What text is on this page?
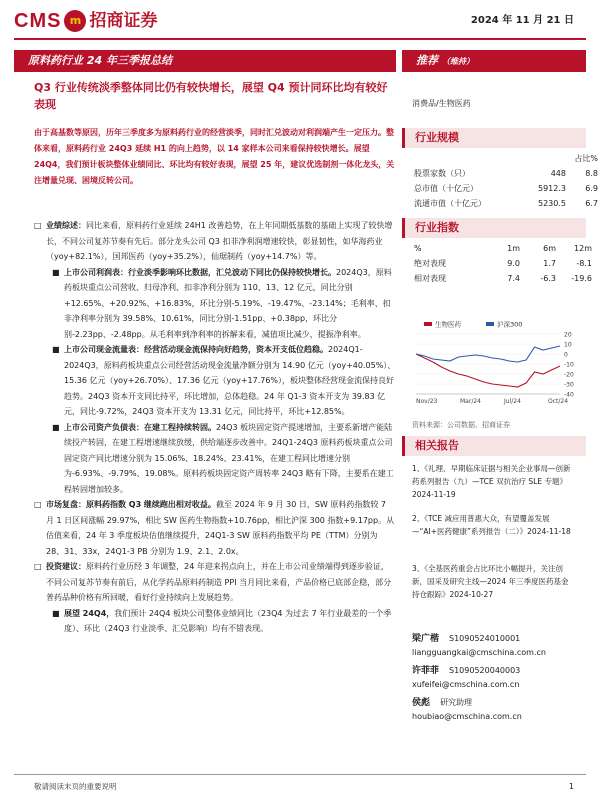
CMS m 招商证券	2024 年 11 月 21 日
原料药行业 24 年三季报总结	推荐 （维持）
Q3 行业传统淡季整体同比仍有较快增长，展望 Q4 预计同环比均有较好表现
由于高基数等原因，历年三季度多为原料药行业的经营淡季，同时汇兑波动对利润端产生一定压力。整体来看，原料药行业 24Q3 延续 H1 的向上趋势，以 14 家样本公司来看保持较快增长。展望 24Q4，我们预计板块整体业绩同比、环比均有较好表现，展望 25 年，建议优选制剂一体化龙头，关注增量兑现、困境反转公司。
□ 业绩综述：同比来看，原料药行业延续 24H1 改善趋势，在上年同期低基数的基础上实现了较快增长，不同公司复苏节奏有先后。部分龙头公司 Q3 扣非净利润增速较快，彰显韧性，如华海药业（yoy+82.1%），国邦医药（yoy+35.2%），仙琚制药（yoy+14.7%）等。
■ 上市公司利润表：行业淡季影响环比数据，汇兑波动下同比仍保持较快增长。2024Q3，原料药板块重点公司营收、归母净利、扣非净利分别为 110、13、12 亿元，同比分别+12.65%、+20.92%、+16.83%，环比分别-5.19%、-19.47%、-23.14%；毛利率、扣非净利率分别为 39.58%、10.61%，同比分别-1.51pp、+0.38pp，环比分别-2.23pp、-2.48pp。从毛利率到净利率的拆解来看，减值项比减少，提振净利率。
■ 上市公司现金流量表：经营活动现金流保持向好趋势，资本开支低位趋稳。2024Q1-2024Q3，原料药板块重点公司经营活动现金流量净额分别为 14.90 亿元（yoy+40.05%）、15.36 亿元（yoy+26.70%）、17.36 亿元（yoy+17.76%），板块整体经营现金流保持良好趋势。24Q3 资本开支同比持平，环比增加，总体趋稳。24 年 Q1-3 资本开支为 39.83 亿元，同比-9.72%，24Q3 资本开支为 13.31 亿元，同比持平，环比+12.85%。
■ 上市公司资产负债表：在建工程持续转固。24Q3 板块固定资产提速增加，主要系新增产能陆续投产转固，在建工程增速继续放缓，供给端逐步改善中。24Q1-24Q3 原料药板块重点公司固定资产同比增速分别为 15.06%、18.24%、23.41%，在建工程同比增速分别为-6.93%、-9.79%、19.08%。原料药板块固定资产周转率 24Q3 略有下降，主要系在建工程转固增加较多。
□ 市场复盘：原料药指数 Q3 继续跑出相对收益。截至 2024 年 9 月 30 日，SW 原料药指数较 7 月 1 日区间涨幅 29.97%，相比 SW 医药生物指数+10.76pp，相比沪深 300 指数+9.17pp。从估值来看，24 年 3 季度板块估值继续提升，24Q1-3 SW 原料药指数平均 PE（TTM）分别为 28、31、33x，24Q1-3 PB 分别为 1.9、2.1、2.0x。
□ 投资建议：原料药行业历经 3 年调整，24 年迎来拐点向上，并在上市公司业绩端得到逐步验证，不同公司复苏节奏有前后，从化学药品原料药制造 PPI 当月同比来看，产品价格已底部企稳，部分普药品种价格有所回暖，看好行业持续向上发展趋势。
■ 展望 24Q4，我们预计 24Q4 板块公司整体业绩同比（23Q4 为过去 7 年行业最差的一个季度）、环比（24Q3 行业淡季、汇兑影响）均有不错表现。
消费品/生物医药
行业规模
		占比%
股票家数（只）	448	8.8
总市值（十亿元）	5912.3	6.9
流通市值（十亿元）	5230.5	6.7
行业指数
%	1m	6m	12m
绝对表现	9.0	1.7	-8.1
相对表现	7.4	-6.3	-19.6
20
10
0
-10
-20
-30
-40
Nov/23	Mar/24	Jul/24	Oct/24
生物医药	沪深300
资料来源：公司数据、招商证券
相关报告
1、《礼理、早期临床证据与相关企业事局—创新药系列报告（九）—TCE 双抗治疗 SLE 专题》2024-11-19
2、《TCE 减应用普惠大众，有望覆盖发展—“AI+医药健康”系列报告（二）》2024-11-18
3、《全基医药重会占比环比小幅提升，关注创新，国采及研究主线—2024 年三季度医药基金持仓跟踪》2024-10-27
梁广楷 S1090524010001
liangguangkai@cmschina.com.cn
许菲菲 S1090520040003
xufeifei@cmschina.com.cn
侯彪 研究助理
houbiao@cmschina.com.cn
敬请阅读末页的重要说明	1
